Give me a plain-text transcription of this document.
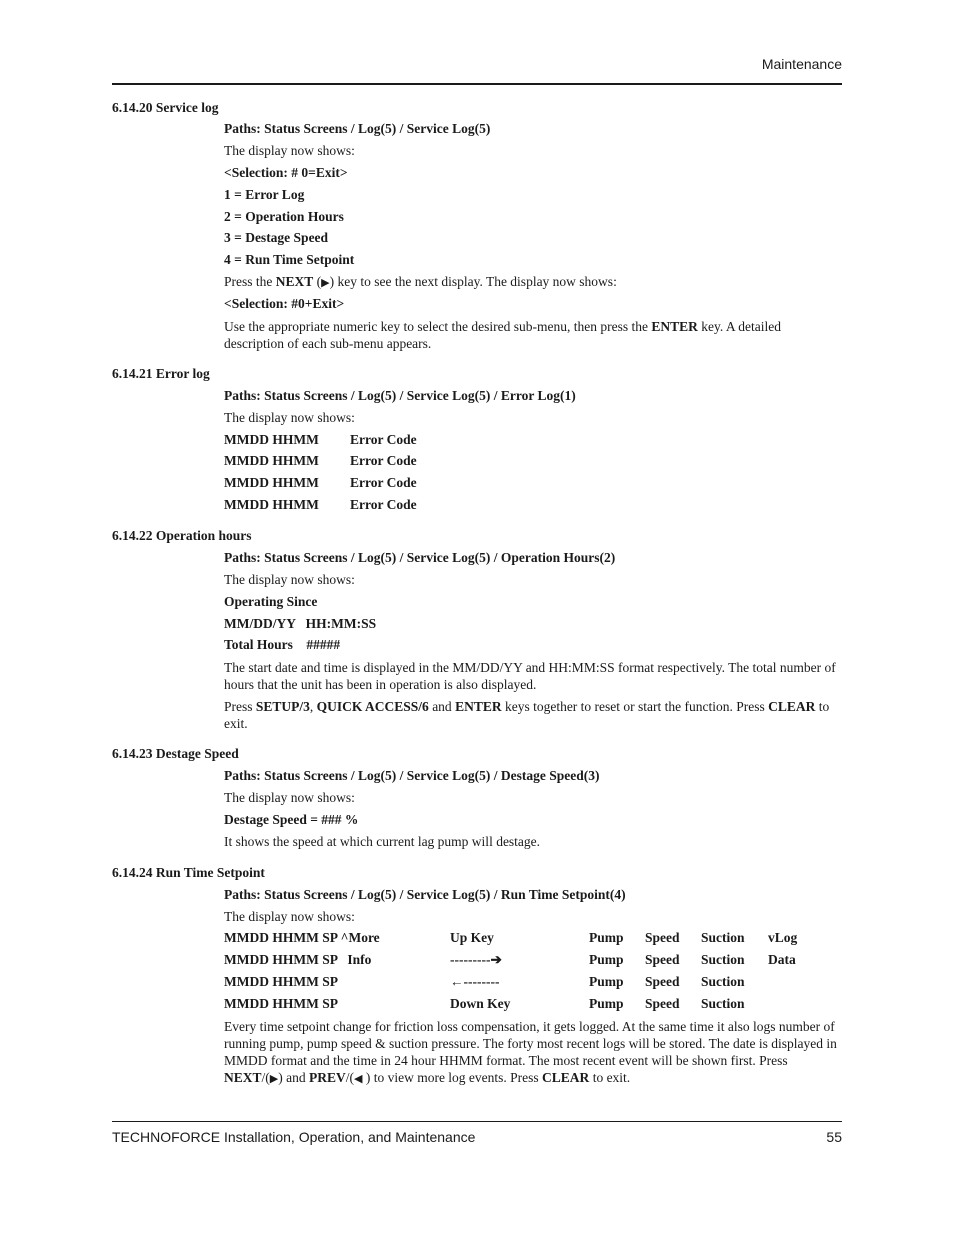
Maintenance
6.14.20 Service log
Paths: Status Screens / Log(5) / Service Log(5)
The display now shows:
<Selection: # 0=Exit>
1 = Error Log
2 = Operation Hours
3 = Destage Speed
4 = Run Time Setpoint
Press the NEXT (▶) key to see the next display. The display now shows:
<Selection: #0+Exit>
Use the appropriate numeric key to select the desired sub-menu, then press the ENTER key. A detailed description of each sub-menu appears.
6.14.21 Error log
Paths: Status Screens / Log(5) / Service Log(5) / Error Log(1)
The display now shows:
MMDD HHMM Error Code
MMDD HHMM Error Code
MMDD HHMM Error Code
MMDD HHMM Error Code
6.14.22 Operation hours
Paths: Status Screens / Log(5) / Service Log(5) / Operation Hours(2)
The display now shows:
Operating Since
MM/DD/YY   HH:MM:SS
Total Hours    #####
The start date and time is displayed in the MM/DD/YY and HH:MM:SS format respectively. The total number of hours that the unit has been in operation is also displayed.
Press SETUP/3, QUICK ACCESS/6 and ENTER keys together to reset or start the function. Press CLEAR to exit.
6.14.23 Destage Speed
Paths: Status Screens / Log(5) / Service Log(5) / Destage Speed(3)
The display now shows:
Destage Speed = ### %
It shows the speed at which current lag pump will destage.
6.14.24 Run Time Setpoint
Paths: Status Screens / Log(5) / Service Log(5) / Run Time Setpoint(4)
The display now shows:
MMDD HHMM SP ^More	Up Key	Pump Speed Suction vLog
MMDD HHMM SP   Info	---------➔	Pump Speed Suction Data
MMDD HHMM SP	←--------	Pump Speed Suction
MMDD HHMM SP	Down Key	Pump Speed Suction
Every time setpoint change for friction loss compensation, it gets logged. At the same time it also logs number of running pump, pump speed & suction pressure. The forty most recent logs will be stored. The date is displayed in MMDD format and the time in 24 hour HHMM format. The most recent event will be shown first. Press NEXT/(▶) and PREV/(◀ ) to view more log events. Press CLEAR to exit.
TECHNOFORCE Installation, Operation, and Maintenance	55
